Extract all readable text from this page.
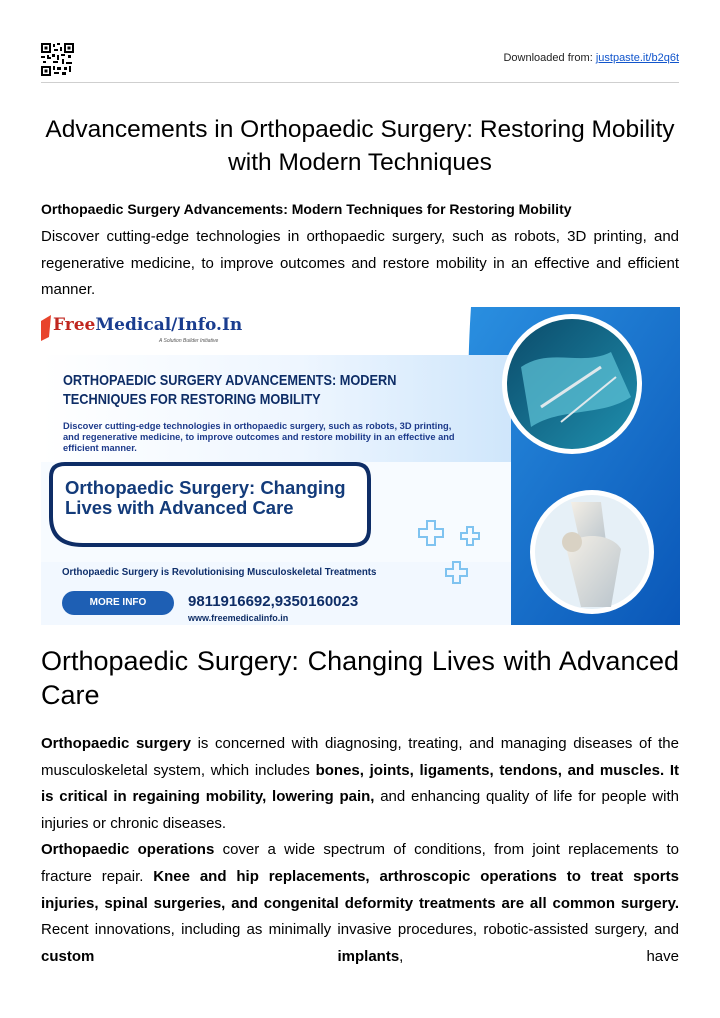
Downloaded from: justpaste.it/b2q6t
Advancements in Orthopaedic Surgery: Restoring Mobility with Modern Techniques
Orthopaedic Surgery Advancements: Modern Techniques for Restoring Mobility
Discover cutting-edge technologies in orthopaedic surgery, such as robots, 3D printing, and regenerative medicine, to improve outcomes and restore mobility in an effective and efficient manner.
FreeMedical/Info.In
A Solution Builder Initiative
ORTHOPAEDIC SURGERY ADVANCEMENTS: MODERN TECHNIQUES FOR RESTORING MOBILITY
Discover cutting-edge technologies in orthopaedic surgery, such as robots, 3D printing, and regenerative medicine, to improve outcomes and restore mobility in an effective and efficient manner.
Orthopaedic Surgery: Changing Lives with Advanced Care
Orthopaedic Surgery is Revolutionising Musculoskeletal Treatments
MORE INFO	9811916692,9350160023
www.freemedicalinfo.in
Orthopaedic Surgery: Changing Lives with Advanced Care

Orthopaedic surgery is concerned with diagnosing, treating, and managing diseases of the musculoskeletal system, which includes bones, joints, ligaments, tendons, and muscles. It is critical in regaining mobility, lowering pain, and enhancing quality of life for people with injuries or chronic diseases.

Orthopaedic operations cover a wide spectrum of conditions, from joint replacements to fracture repair. Knee and hip replacements, arthroscopic operations to treat sports injuries, spinal surgeries, and congenital deformity treatments are all common surgery. Recent innovations, including as minimally invasive procedures, robotic-assisted surgery, and custom implants, have
